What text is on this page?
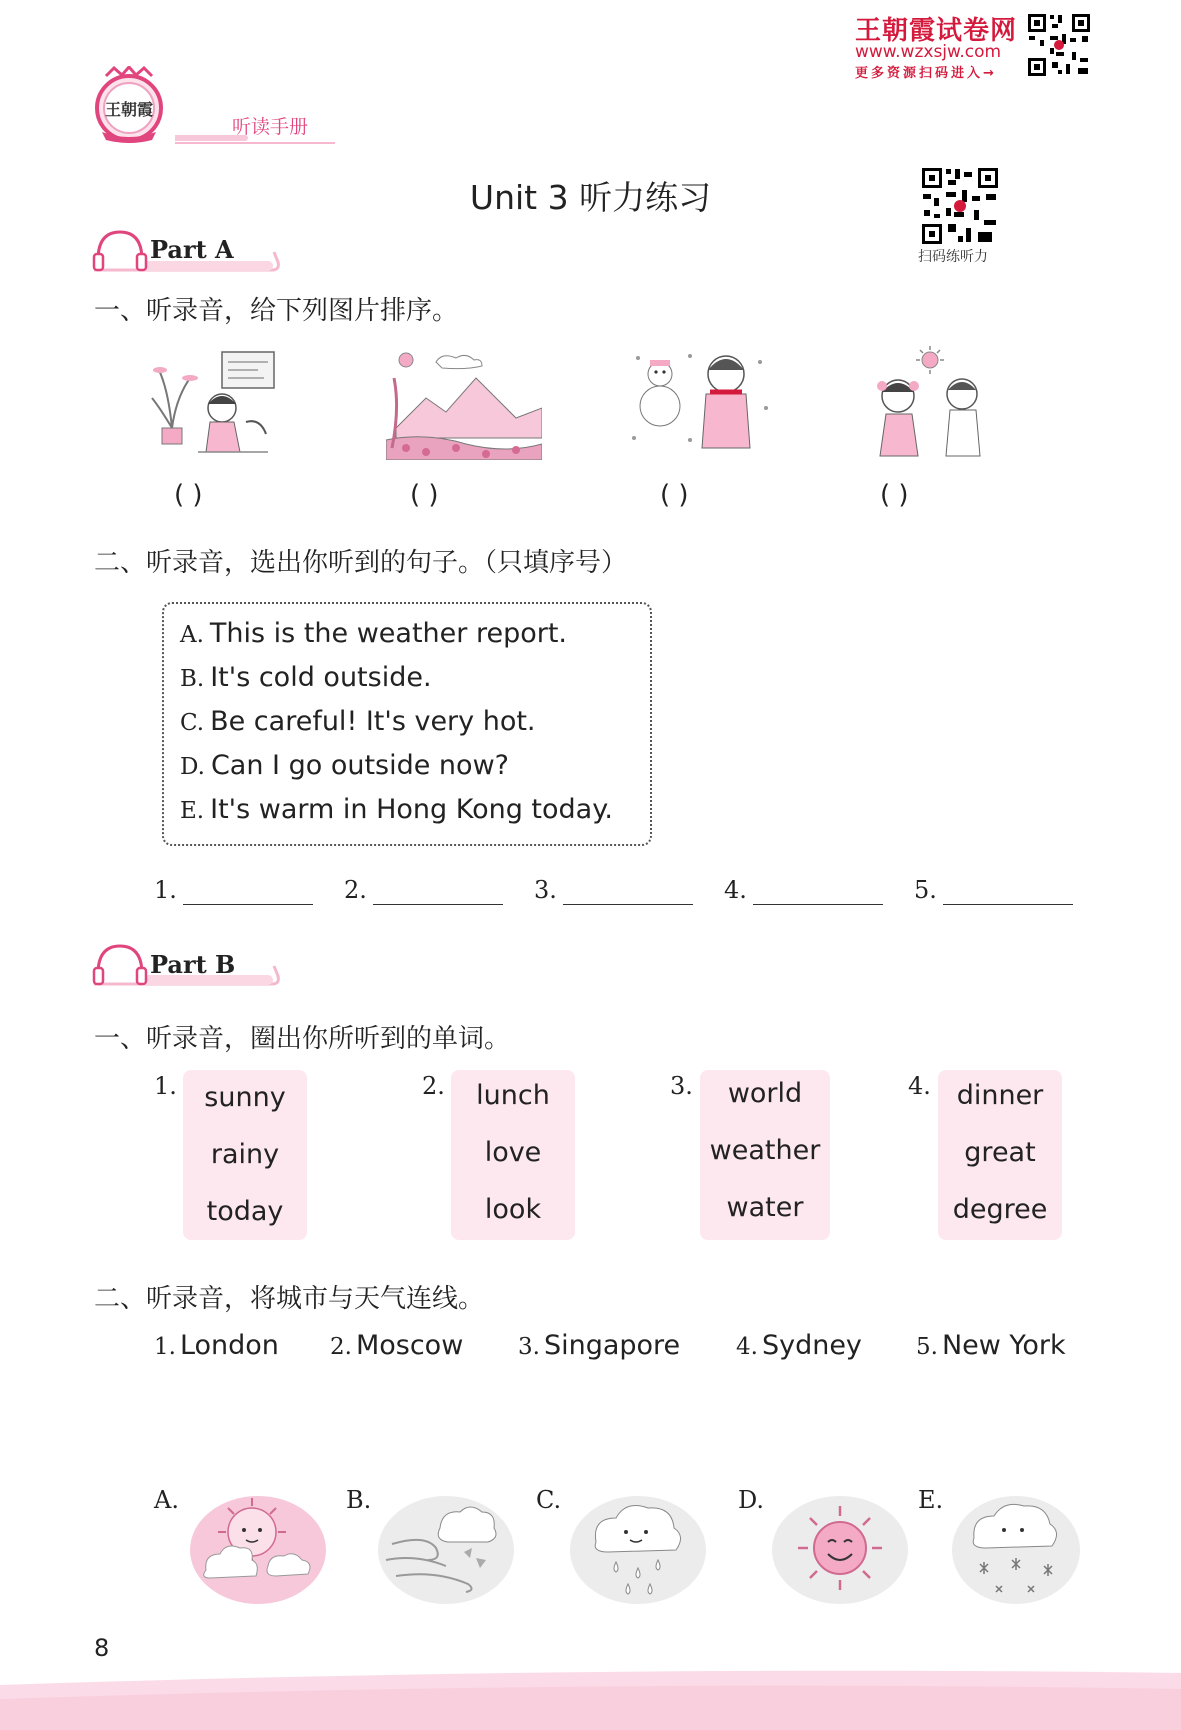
王朝霞试卷网
www.wzxsjw.com
更多资源扫码进入→
王朝霞
听读手册
Unit 3 听力练习
扫码练听力
Part A
一、听录音，给下列图片排序。
( )	( )	( )	( )
二、听录音，选出你听到的句子。（只填序号）
A. This is the weather report.
B. It's cold outside.
C. Be careful! It's very hot.
D. Can I go outside now?
E. It's warm in Hong Kong today.
1.	2.	3.	4.	5.
Part B
一、听录音，圈出你所听到的单词。
1.	sunny
rainy
today
2.	lunch
love
look
3.	world
weather
water
4. dinner
great
degree
二、听录音，将城市与天气连线。
1. London 2. Moscow 3. Singapore 4. Sydney 5. New York
A.	B.	C.	D.	E.
8
